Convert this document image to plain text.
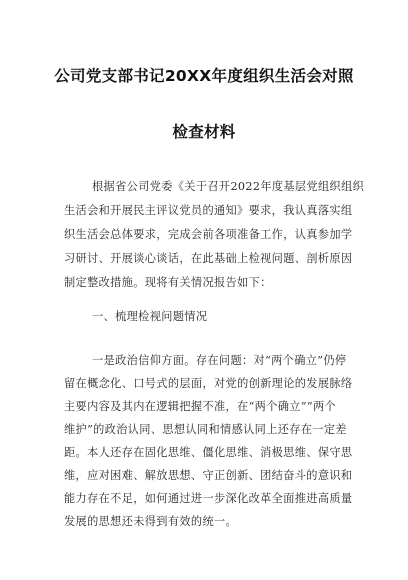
公司党支部书记20XX年度组织生活会对照
检查材料
根据省公司党委《关于召开2022年度基层党组织组织
生活会和开展民主评议党员的通知》要求，我认真落实组
织生活会总体要求，完成会前各项准备工作，认真参加学
习研讨、开展谈心谈话，在此基础上检视问题、剖析原因
制定整改措施。现将有关情况报告如下：
一、梳理检视问题情况
一是政治信仰方面。存在问题：对“两个确立”仍停
留在概念化、口号式的层面，对党的创新理论的发展脉络
主要内容及其内在逻辑把握不准，在“两个确立”“两个
维护”的政治认同、思想认同和情感认同上还存在一定差
距。本人还存在固化思维、僵化思维、消极思维、保守思
维，应对困难、解放思想、守正创新、团结奋斗的意识和
能力存在不足，如何通过进一步深化改革全面推进高质量
发展的思想还未得到有效的统一。
